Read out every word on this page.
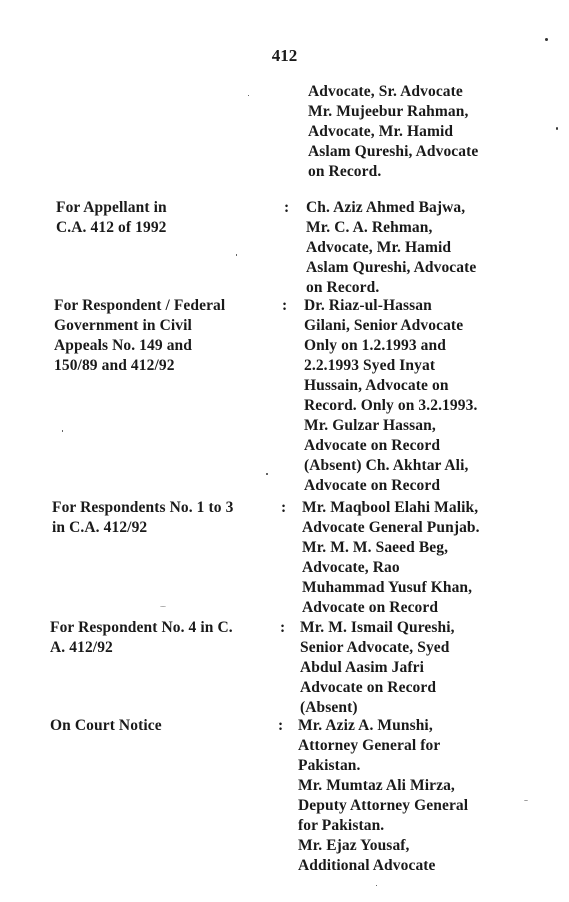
412
Advocate, Sr. Advocate
Mr. Mujeebur Rahman,
Advocate, Mr. Hamid
Aslam Qureshi, Advocate
on Record.
For Appellant in
C.A. 412 of 1992
: Ch. Aziz Ahmed Bajwa,
Mr. C. A. Rehman,
Advocate, Mr. Hamid
Aslam Qureshi, Advocate
on Record.
For Respondent / Federal
Government in Civil
Appeals No. 149 and
150/89 and 412/92
: Dr. Riaz-ul-Hassan
Gilani, Senior Advocate
Only on 1.2.1993 and
2.2.1993 Syed Inyat
Hussain, Advocate on
Record. Only on 3.2.1993.
Mr. Gulzar Hassan,
Advocate on Record
(Absent) Ch. Akhtar Ali,
Advocate on Record
For Respondents No. 1 to 3
in C.A. 412/92
: Mr. Maqbool Elahi Malik,
Advocate General Punjab.
Mr. M. M. Saeed Beg,
Advocate, Rao
Muhammad Yusuf Khan,
Advocate on Record
For Respondent No. 4 in C.
A. 412/92
: Mr. M. Ismail Qureshi,
Senior Advocate, Syed
Abdul Aasim Jafri
Advocate on Record
(Absent)
On Court Notice	: Mr. Aziz A. Munshi,
Attorney General for
Pakistan.
Mr. Mumtaz Ali Mirza,
Deputy Attorney General
for Pakistan.
Mr. Ejaz Yousaf,
Additional Advocate
